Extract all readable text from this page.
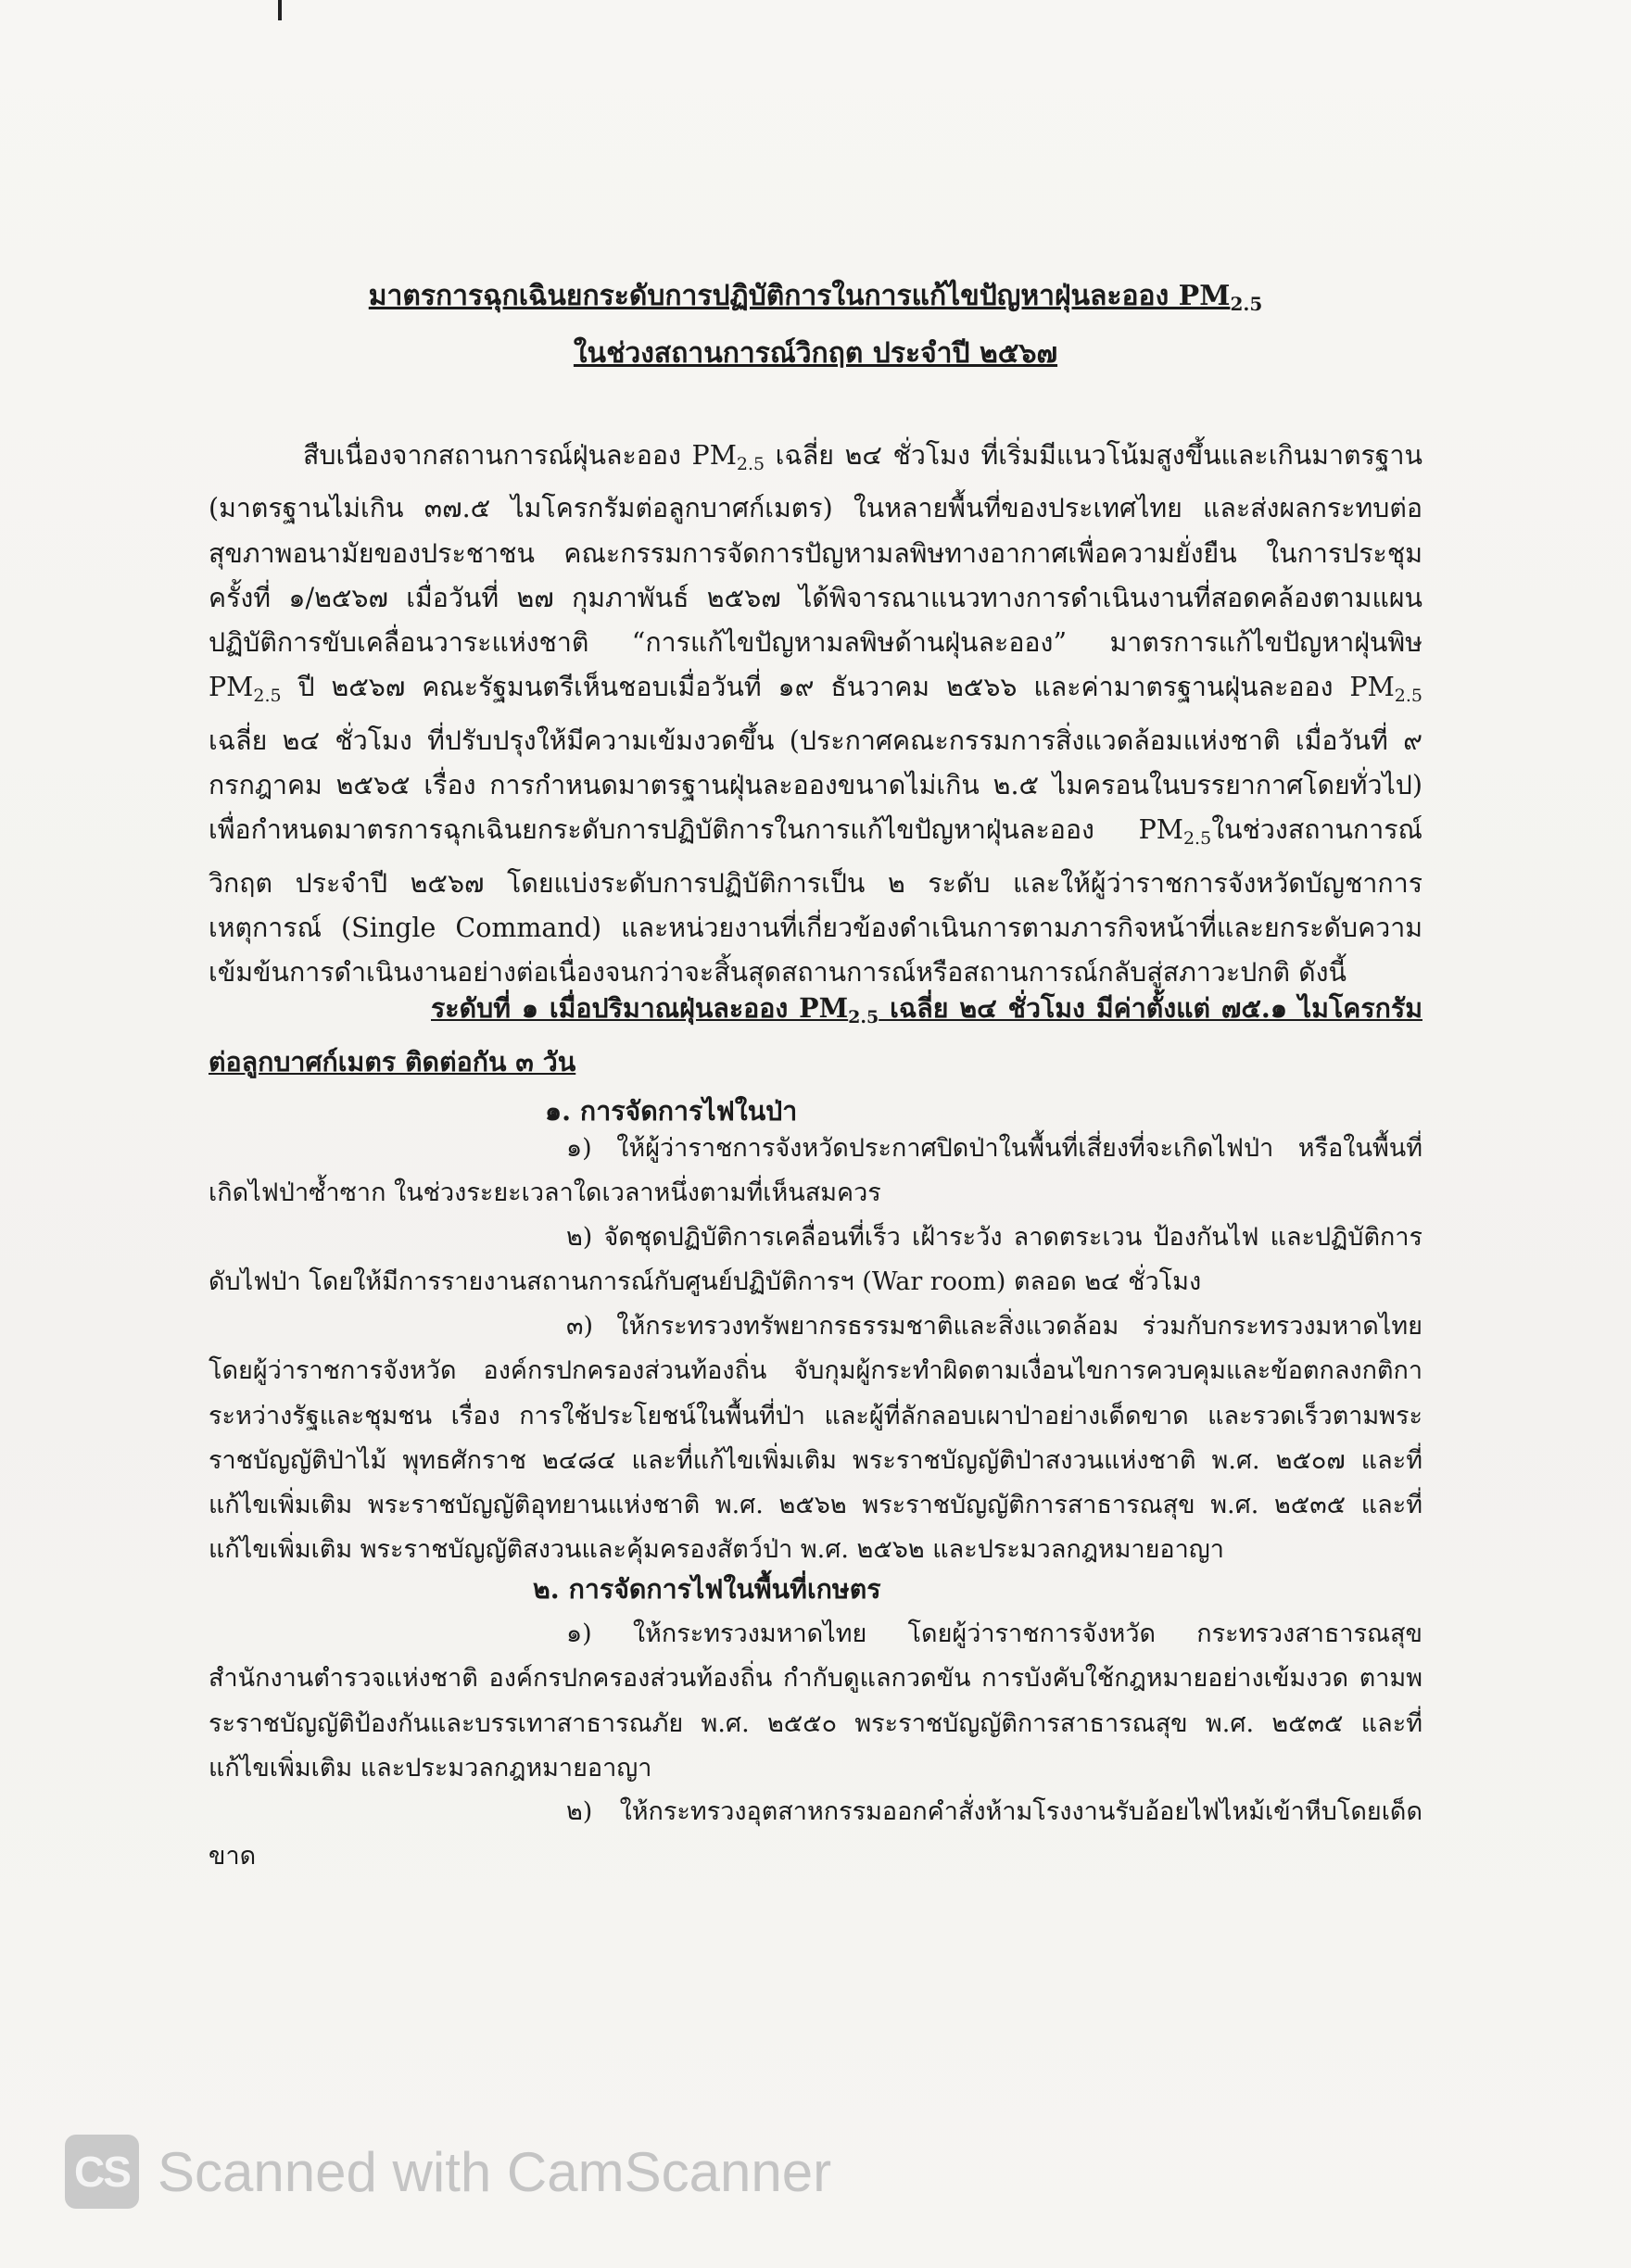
มาตรการฉุกเฉินยกระดับการปฏิบัติการในการแก้ไขปัญหาฝุ่นละออง $PM_{2.5}$
ในช่วงสถานการณ์วิกฤต ประจำปี ๒๕๖๗
สืบเนื่องจากสถานการณ์ฝุ่นละออง $PM_{2.5}$ เฉลี่ย ๒๔ ชั่วโมง ที่เริ่มมีแนวโน้มสูงขึ้นและเกินมาตรฐาน (มาตรฐานไม่เกิน ๓๗.๕ ไมโครกรัมต่อลูกบาศก์เมตร) ในหลายพื้นที่ของประเทศไทย และส่งผลกระทบต่อสุขภาพอนามัยของประชาชน คณะกรรมการจัดการปัญหามลพิษทางอากาศเพื่อความยั่งยืน ในการประชุมครั้งที่ ๑/๒๕๖๗ เมื่อวันที่ ๒๗ กุมภาพันธ์ ๒๕๖๗ ได้พิจารณาแนวทางการดำเนินงานที่สอดคล้องตามแผนปฏิบัติการขับเคลื่อนวาระแห่งชาติ “การแก้ไขปัญหามลพิษด้านฝุ่นละออง” มาตรการแก้ไขปัญหาฝุ่นพิษ $PM_{2.5}$ ปี ๒๕๖๗ คณะรัฐมนตรีเห็นชอบเมื่อวันที่ ๑๙ ธันวาคม ๒๕๖๖ และค่ามาตรฐานฝุ่นละออง $PM_{2.5}$ เฉลี่ย ๒๔ ชั่วโมง ที่ปรับปรุงให้มีความเข้มงวดขึ้น (ประกาศคณะกรรมการสิ่งแวดล้อมแห่งชาติ เมื่อวันที่ ๙ กรกฎาคม ๒๕๖๕ เรื่อง การกำหนดมาตรฐานฝุ่นละอองขนาดไม่เกิน ๒.๕ ไมครอนในบรรยากาศโดยทั่วไป) เพื่อกำหนดมาตรการฉุกเฉินยกระดับการปฏิบัติการในการแก้ไขปัญหาฝุ่นละออง $PM_{2.5}$ในช่วงสถานการณ์วิกฤต ประจำปี ๒๕๖๗ โดยแบ่งระดับการปฏิบัติการเป็น ๒ ระดับ และให้ผู้ว่าราชการจังหวัดบัญชาการเหตุการณ์ (Single Command) และหน่วยงานที่เกี่ยวข้องดำเนินการตามภารกิจหน้าที่และยกระดับความเข้มข้นการดำเนินงานอย่างต่อเนื่องจนกว่าจะสิ้นสุดสถานการณ์หรือสถานการณ์กลับสู่สภาวะปกติ ดังนี้
ระดับที่ ๑ เมื่อปริมาณฝุ่นละออง $PM_{2.5}$ เฉลี่ย ๒๔ ชั่วโมง มีค่าตั้งแต่ ๗๕.๑ ไมโครกรัมต่อลูกบาศก์เมตร ติดต่อกัน ๓ วัน
๑. การจัดการไฟในป่า
๑) ให้ผู้ว่าราชการจังหวัดประกาศปิดป่าในพื้นที่เสี่ยงที่จะเกิดไฟป่า หรือในพื้นที่เกิดไฟป่าซ้ำซาก ในช่วงระยะเวลาใดเวลาหนึ่งตามที่เห็นสมควร
๒) จัดชุดปฏิบัติการเคลื่อนที่เร็ว เฝ้าระวัง ลาดตระเวน ป้องกันไฟ และปฏิบัติการดับไฟป่า โดยให้มีการรายงานสถานการณ์กับศูนย์ปฏิบัติการฯ (War room) ตลอด ๒๔ ชั่วโมง
๓) ให้กระทรวงทรัพยากรธรรมชาติและสิ่งแวดล้อม ร่วมกับกระทรวงมหาดไทย โดยผู้ว่าราชการจังหวัด องค์กรปกครองส่วนท้องถิ่น จับกุมผู้กระทำผิดตามเงื่อนไขการควบคุมและข้อตกลงกติการะหว่างรัฐและชุมชน เรื่อง การใช้ประโยชน์ในพื้นที่ป่า และผู้ที่ลักลอบเผาป่าอย่างเด็ดขาด และรวดเร็วตามพระราชบัญญัติป่าไม้ พุทธศักราช ๒๔๘๔ และที่แก้ไขเพิ่มเติม พระราชบัญญัติป่าสงวนแห่งชาติ พ.ศ. ๒๕๐๗ และที่แก้ไขเพิ่มเติม พระราชบัญญัติอุทยานแห่งชาติ พ.ศ. ๒๕๖๒ พระราชบัญญัติการสาธารณสุข พ.ศ. ๒๕๓๕ และที่แก้ไขเพิ่มเติม พระราชบัญญัติสงวนและคุ้มครองสัตว์ป่า พ.ศ. ๒๕๖๒ และประมวลกฎหมายอาญา
๒. การจัดการไฟในพื้นที่เกษตร
๑) ให้กระทรวงมหาดไทย โดยผู้ว่าราชการจังหวัด กระทรวงสาธารณสุข สำนักงานตำรวจแห่งชาติ องค์กรปกครองส่วนท้องถิ่น กำกับดูแลกวดขัน การบังคับใช้กฎหมายอย่างเข้มงวด ตามพระราชบัญญัติป้องกันและบรรเทาสาธารณภัย พ.ศ. ๒๕๕๐ พระราชบัญญัติการสาธารณสุข พ.ศ. ๒๕๓๕ และที่แก้ไขเพิ่มเติม และประมวลกฎหมายอาญา
๒) ให้กระทรวงอุตสาหกรรมออกคำสั่งห้ามโรงงานรับอ้อยไฟไหม้เข้าหีบโดยเด็ดขาด
CS Scanned with CamScanner
